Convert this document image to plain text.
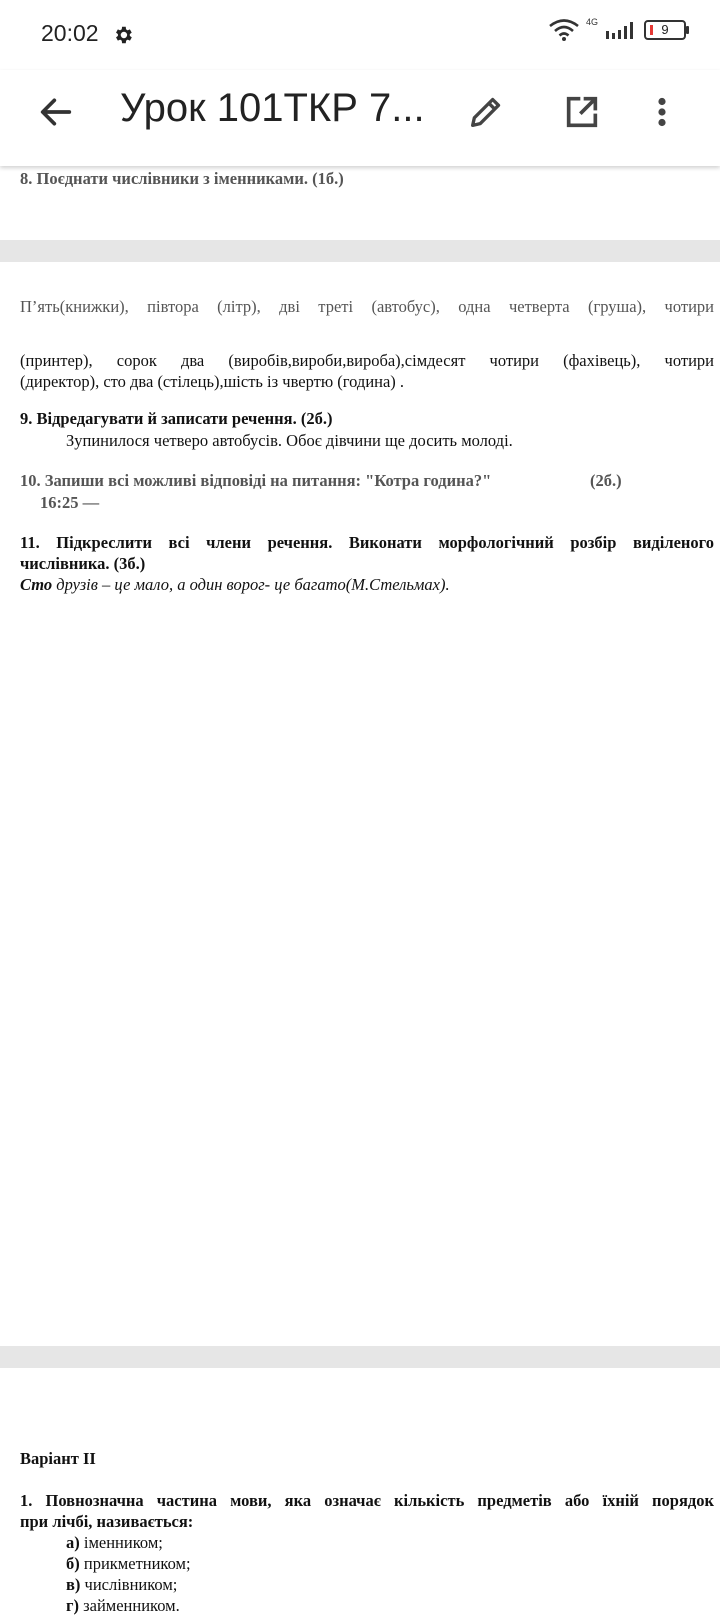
20:02	4G	9
Урок 101ТКР 7...
8. Поєднати числівники з іменниками. (1б.)
П’ять(книжки), півтора (літр), дві треті (автобус), одна четверта (груша), чотири
(принтер), сорок два (виробів,вироби,вироба),сімдесят чотири (фахівець), чотири
(директор), сто два (стілець),шість із чвертю (година) .
9. Відредагувати й записати речення. (2б.)
Зупинилося четверо автобусів. Обоє дівчини ще досить молоді.
10. Запиши всі можливі відповіді на питання: "Котра година?"	(2б.)
16:25 —
11. Підкреслити всі члени речення. Виконати морфологічний розбір виділеного
числівника. (3б.)
Сто друзів – це мало, а один ворог- це багато(М.Стельмах).
Варіант ІІ
1. Повнозначна частина мови, яка означає кількість предметів або їхній порядок
при лічбі, називається:
а) іменником;
б) прикметником;
в) числівником;
г) займенником.
